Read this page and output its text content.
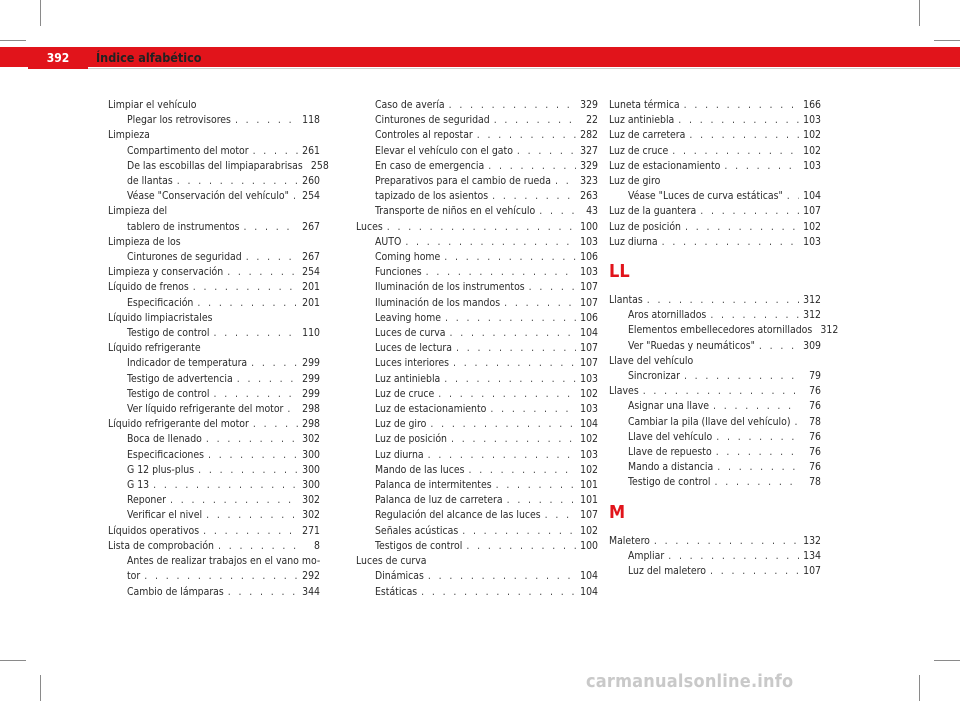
392	Índice alfabético
Limpiar el vehículo
Plegar los retrovisores . . .	118
Limpieza
Compartimento del motor . . .	261
De las escobillas del limpiaparabrisas 258
de llantas . . .	260
Véase "Conservación del vehículo" . . . 254
Limpieza del
tablero de instrumentos . . .	267
Limpieza de los
Cinturones de seguridad . . .	267
Limpieza y conservación . . .	254
Líquido de frenos . . .	201
Especificación . . .	201
Líquido limpiacristales
Testigo de control . . .	110
Líquido refrigerante
Indicador de temperatura . . .	299
Testigo de advertencia . . .	299
Testigo de control . . .	299
Ver líquido refrigerante del motor . . . 298
Líquido refrigerante del motor . . .	298
Boca de llenado . . .	302
Especificaciones . . .	300
G 12 plus-plus . . .	300
G 13 . . .	300
Reponer . . .	302
Verificar el nivel . . .	302
Líquidos operativos . . .	271
Lista de comprobación . . .	8
Antes de realizar trabajos en el vano mo-
tor . . .	292
Cambio de lámparas . . .	344
Caso de avería . . .	329
Cinturones de seguridad . . .	22
Controles al repostar . . .	282
Elevar el vehículo con el gato . . .	327
En caso de emergencia . . .	329
Preparativos para el cambio de rueda . . .	323
tapizado de los asientos . . .	263
Transporte de niños en el vehículo . . .	43
Luces . . .	100
AUTO . . .	103
Coming home . . .	106
Funciones . . .	103
Iluminación de los instrumentos . . .	107
Iluminación de los mandos . . .	107
Leaving home . . .	106
Luces de curva . . .	104
Luces de lectura . . .	107
Luces interiores . . .	107
Luz antiniebla . . .	103
Luz de cruce . . .	102
Luz de estacionamiento . . .	103
Luz de giro . . .	104
Luz de posición . . .	102
Luz diurna . . .	103
Mando de las luces . . .	102
Palanca de intermitentes . . .	101
Palanca de luz de carretera . . .	101
Regulación del alcance de las luces . . .	107
Señales acústicas . . .	102
Testigos de control . . .	100
Luces de curva
Dinámicas . . .	104
Estáticas . . .	104
Luneta térmica . . .	166
Luz antiniebla . . .	103
Luz de carretera . . .	102
Luz de cruce . . .	102
Luz de estacionamiento . . .	103
Luz de giro
Véase "Luces de curva estáticas" . . . 104
Luz de la guantera . . .	107
Luz de posición . . .	102
Luz diurna . . .	103
LL
Llantas . . .	312
Aros atornillados . . .	312
Elementos embellecedores atornillados 312
Ver "Ruedas y neumáticos" . . .	309
Llave del vehículo
Sincronizar . . .	79
Llaves . . .	76
Asignar una llave . . .	76
Cambiar la pila (llave del vehículo) . . .	78
Llave del vehículo . . .	76
Llave de repuesto . . .	76
Mando a distancia . . .	76
Testigo de control . . .	78
M
Maletero . . .	132
Ampliar . . .	134
Luz del maletero . . .	107
carmanualsonline.info
